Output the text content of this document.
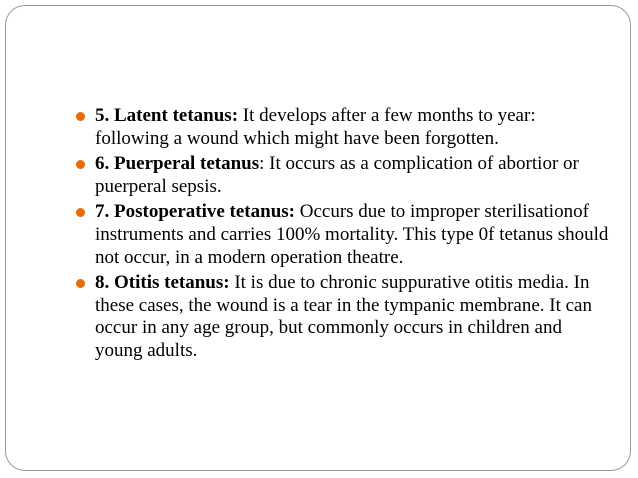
5. Latent tetanus: It develops after a few months to year: following a wound which might have been forgotten.
6. Puerperal tetanus: It occurs as a complication of abortior or puerperal sepsis.
7. Postoperative tetanus: Occurs due to improper sterilisationof instruments and carries 100% mortality. This type 0f tetanus should not occur, in a modern operation theatre.
8. Otitis tetanus: It is due to chronic suppurative otitis media. In these cases, the wound is a tear in the tympanic membrane. It can occur in any age group, but commonly occurs in children and young adults.
